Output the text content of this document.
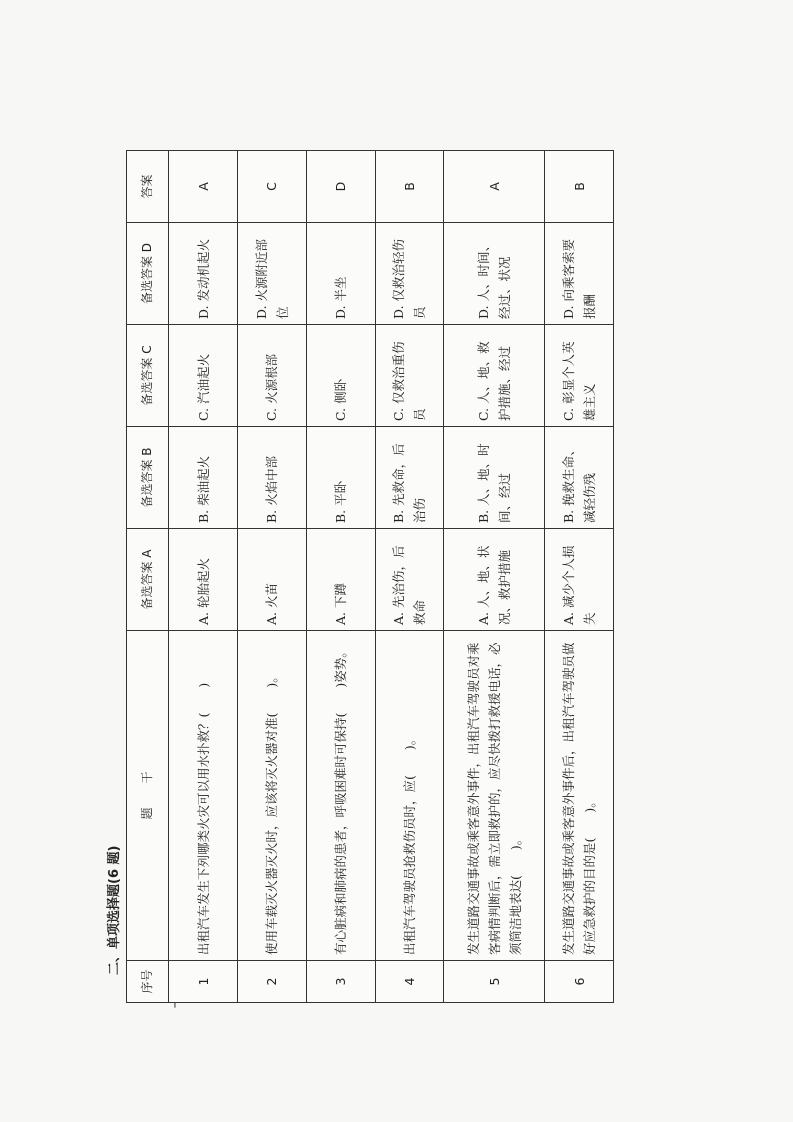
二、单项选择题(6 题)
序号	题　　干	备选答案 A	备选答案 B	备选答案 C	备选答案 D	答案
1	出租汽车发生下列哪类火灾可以用水扑救？(　　)	A. 轮胎起火	B. 柴油起火	C. 汽油起火	D. 发动机起火	A
2	使用车载灭火器灭火时，应该将灭火器对准(　　)。	A. 火苗	B. 火焰中部	C. 火源根部	D. 火源附近部位	C
3	有心脏病和肺病的患者，呼吸困难时可保持(　　)姿势。	A. 下蹲	B. 平卧	C. 侧卧	D. 半坐	D
4	出租汽车驾驶员抢救伤员时，应(　　)。	A. 先治伤，后救命	B. 先救命，后治伤	C. 仅救治重伤员	D. 仅救治轻伤员	B
5	发生道路交通事故或乘客意外事件，出租汽车驾驶员对乘客病情判断后，需立即救护的，应尽快拨打救援电话，必须简洁地表达(　　)。	A. 人、地、状况、救护措施	B. 人、地、时间、经过	C. 人、地、救护措施、经过	D. 人、时间、经过、状况	A
6	发生道路交通事故或乘客意外事件后，出租汽车驾驶员做好应急救护的目的是(　　)。	A. 减少个人损失	B. 挽救生命、减轻伤残	C. 彰显个人英雄主义	D. 向乘客索要报酬	B
